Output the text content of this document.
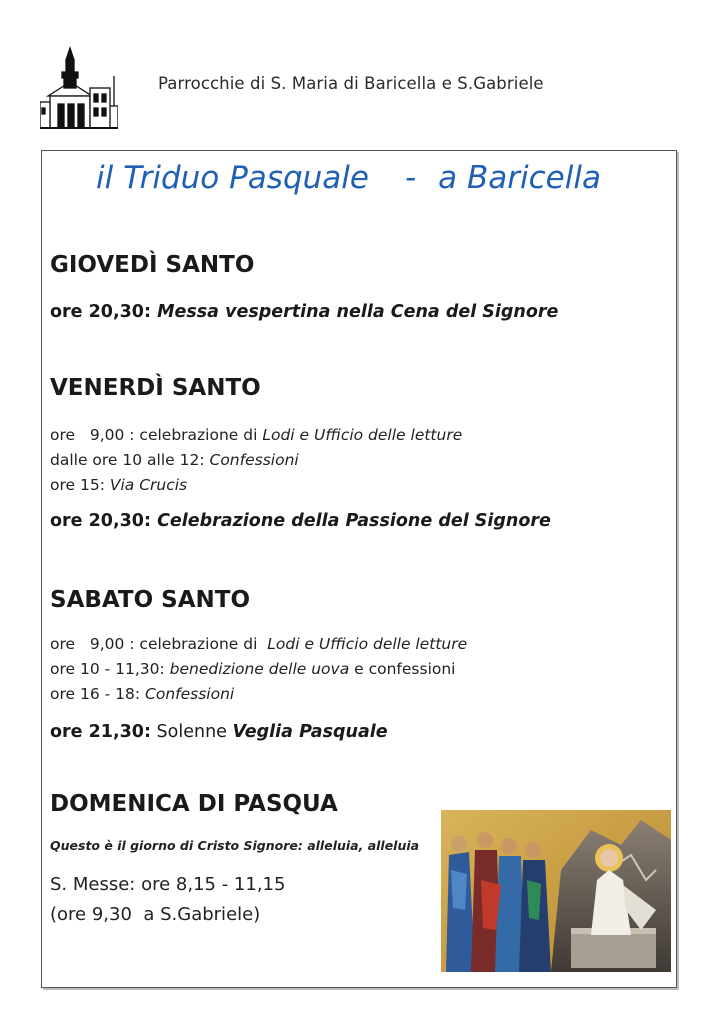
Parrocchie di S. Maria di Baricella e S.Gabriele
il Triduo Pasquale - a Baricella
GIOVEDÌ SANTO
ore 20,30: Messa vespertina nella Cena del Signore
VENERDÌ SANTO
ore   9,00 : celebrazione di Lodi e Ufficio delle letture
dalle ore 10 alle 12: Confessioni
ore 15: Via Crucis
ore 20,30: Celebrazione della Passione del Signore
SABATO SANTO
ore   9,00 : celebrazione di  Lodi e Ufficio delle letture
ore 10 - 11,30: benedizione delle uova e confessioni
ore 16 - 18: Confessioni
ore 21,30: Solenne Veglia Pasquale
DOMENICA DI PASQUA
Questo è il giorno di Cristo Signore: alleluia, alleluia
S. Messe: ore 8,15 - 11,15
(ore 9,30  a S.Gabriele)
